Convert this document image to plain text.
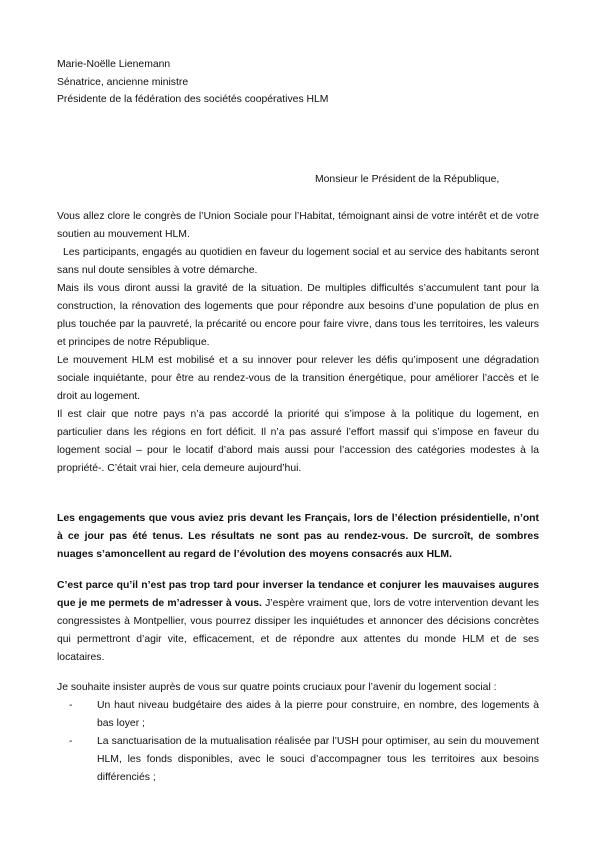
Marie-Noëlle Lienemann
Sénatrice, ancienne ministre
Présidente de la fédération des sociétés coopératives HLM
Monsieur le Président de la République,

Vous allez clore le congrès de l’Union Sociale pour l’Habitat, témoignant ainsi de votre intérêt et de votre soutien au mouvement HLM.

Les participants, engagés au quotidien en faveur du logement social et au service des habitants seront sans nul doute sensibles à votre démarche.

Mais ils vous diront aussi la gravité de la situation. De multiples difficultés s’accumulent tant pour la construction, la rénovation des logements que pour répondre aux besoins d’une population de plus en plus touchée par la pauvreté, la précarité ou encore pour faire vivre, dans tous les territoires, les valeurs et principes de notre République.

Le mouvement HLM est mobilisé et a su innover pour relever les défis qu’imposent une dégradation sociale inquiétante, pour être au rendez-vous de la transition énergétique, pour améliorer l’accès et le droit au logement.

Il est clair que notre pays n’a pas accordé la priorité qui s’impose à la politique du logement, en particulier dans les régions en fort déficit. Il n’a pas assuré l’effort massif qui s’impose en faveur du logement social – pour le locatif d’abord mais aussi pour l’accession des catégories modestes à la propriété-. C’était vrai hier, cela demeure aujourd’hui.

Les engagements que vous aviez pris devant les Français, lors de l’élection présidentielle, n’ont à ce jour pas été tenus. Les résultats ne sont pas au rendez-vous. De surcroît, de sombres nuages s’amoncellent au regard de l’évolution des moyens consacrés aux HLM.

C’est parce qu’il n’est pas trop tard pour inverser la tendance et conjurer les mauvaises augures que je me permets de m’adresser à vous. J’espère vraiment que, lors de votre intervention devant les congressistes à Montpellier, vous pourrez dissiper les inquiétudes et annoncer des décisions concrètes qui permettront d’agir vite, efficacement, et de répondre aux attentes du monde HLM et de ses locataires.

Je souhaite insister auprès de vous sur quatre points cruciaux pour l’avenir du logement social :

- Un haut niveau budgétaire des aides à la pierre pour construire, en nombre, des logements à bas loyer ;
- La sanctuarisation de la mutualisation réalisée par l’USH pour optimiser, au sein du mouvement HLM, les fonds disponibles, avec le souci d’accompagner tous les territoires aux besoins différenciés ;
